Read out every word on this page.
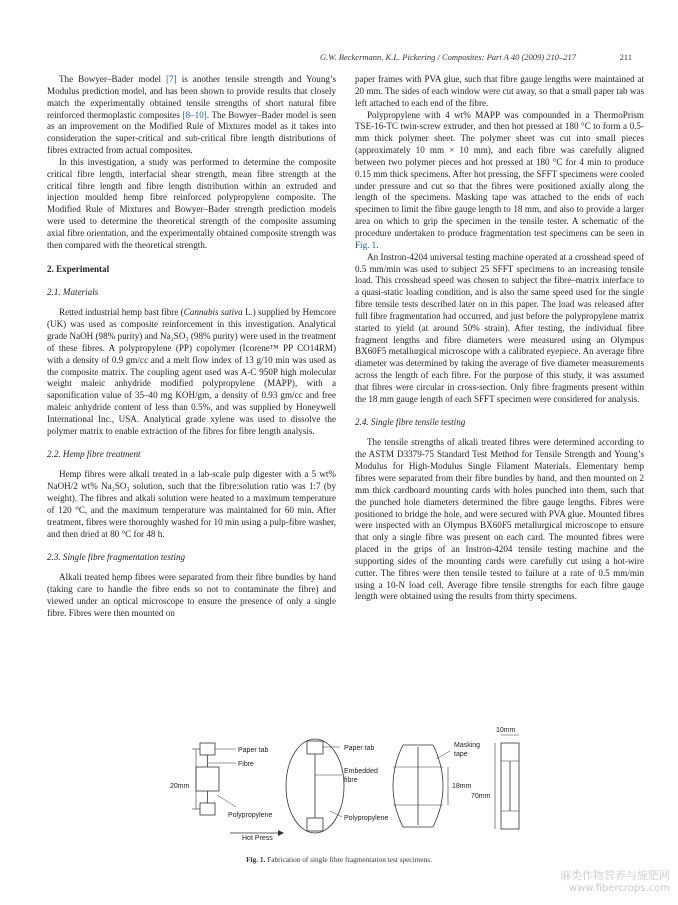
G.W. Beckermann, K.L. Pickering / Composites: Part A 40 (2009) 210–217	211

The Bowyer–Bader model [7] is another tensile strength and Young’s Modulus prediction model, and has been shown to provide results that closely match the experimentally obtained tensile strengths of short natural fibre reinforced thermoplastic composites [8–10]. The Bowyer–Bader model is seen as an improvement on the Modified Rule of Mixtures model as it takes into consideration the super-critical and sub-critical fibre length distributions of fibres extracted from actual composites.

In this investigation, a study was performed to determine the composite critical fibre length, interfacial shear strength, mean fibre strength at the critical fibre length and fibre length distribution within an extruded and injection moulded hemp fibre reinforced polypropylene composite. The Modified Rule of Mixtures and Bowyer–Bader strength prediction models were used to determine the theoretical strength of the composite assuming axial fibre orientation, and the experimentally obtained composite strength was then compared with the theoretical strength.

2. Experimental
2.1. Materials

Retted industrial hemp bast fibre (Cannabis sativa L.) supplied by Hemcore (UK) was used as composite reinforcement in this investigation. Analytical grade NaOH (98% purity) and Na₂SO₃ (98% purity) were used in the treatment of these fibres. A polypropylene (PP) copolymer (Icorene™ PP CO14RM) with a density of 0.9 gm/cc and a melt flow index of 13 g/10 min was used as the composite matrix. The coupling agent used was A-C 950P high molecular weight maleic anhydride modified polypropylene (MAPP), with a saponification value of 35–40 mg KOH/gm, a density of 0.93 gm/cc and free maleic anhydride content of less than 0.5%, and was supplied by Honeywell International Inc., USA. Analytical grade xylene was used to dissolve the polymer matrix to enable extraction of the fibres for fibre length analysis.

2.2. Hemp fibre treatment

Hemp fibres were alkali treated in a lab-scale pulp digester with a 5 wt% NaOH/2 wt% Na₂SO₃ solution, such that the fibre:solution ratio was 1:7 (by weight). The fibres and alkali solution were heated to a maximum temperature of 120 °C, and the maximum temperature was maintained for 60 min. After treatment, fibres were thoroughly washed for 10 min using a pulp-fibre washer, and then dried at 80 °C for 48 h.

2.3. Single fibre fragmentation testing

Alkali treated hemp fibres were separated from their fibre bundles by hand (taking care to handle the fibre ends so not to contaminate the fibre) and viewed under an optical microscope to ensure the presence of only a single fibre. Fibres were then mounted on

paper frames with PVA glue, such that fibre gauge lengths were maintained at 20 mm. The sides of each window were cut away, so that a small paper tab was left attached to each end of the fibre.

Polypropylene with 4 wt% MAPP was compounded in a ThermoPrism TSE-16-TC twin-screw extruder, and then hot pressed at 180 °C to form a 0.5-mm thick polymer sheet. The polymer sheet was cut into small pieces (approximately 10 mm × 10 mm), and each fibre was carefully aligned between two polymer pieces and hot pressed at 180 °C for 4 min to produce 0.15 mm thick specimens. After hot pressing, the SFFT specimens were cooled under pressure and cut so that the fibres were positioned axially along the length of the specimens. Masking tape was attached to the ends of each specimen to limit the fibre gauge length to 18 mm, and also to provide a larger area on which to grip the specimen in the tensile tester. A schematic of the procedure undertaken to produce fragmentation test specimens can be seen in Fig. 1.

An Instron-4204 universal testing machine operated at a crosshead speed of 0.5 mm/min was used to subject 25 SFFT specimens to an increasing tensile load. This crosshead speed was chosen to subject the fibre–matrix interface to a quasi-static loading condition, and is also the same speed used for the single fibre tensile tests described later on in this paper. The load was released after full fibre fragmentation had occurred, and just before the polypropylene matrix started to yield (at around 50% strain). After testing, the individual fibre fragment lengths and fibre diameters were measured using an Olympus BX60F5 metallurgical microscope with a calibrated eyepiece. An average fibre diameter was determined by taking the average of five diameter measurements across the length of each fibre. For the purpose of this study, it was assumed that fibres were circular in cross-section. Only fibre fragments present within the 18 mm gauge length of each SFFT specimen were considered for analysis.

2.4. Single fibre tensile testing

The tensile strengths of alkali treated fibres were determined according to the ASTM D3379-75 Standard Test Method for Tensile Strength and Young’s Modulus for High-Modulus Single Filament Materials. Elementary hemp fibres were separated from their fibre bundles by hand, and then mounted on 2 mm thick cardboard mounting cards with holes punched into them, such that the punched hole diameters determined the fibre gauge lengths. Fibres were positioned to bridge the hole, and were secured with PVA glue. Mounted fibres were inspected with an Olympus BX60F5 metallurgical microscope to ensure that only a single fibre was present on each card. The mounted fibres were placed in the grips of an Instron-4204 tensile testing machine and the supporting sides of the mounting cards were carefully cut using a hot-wire cutter. The fibres were then tensile tested to failure at a rate of 0.5 mm/min using a 10-N load cell. Average fibre tensile strengths for each fibre gauge length were obtained using the results from thirty specimens.

Paper tab
Fibre
20mm
Polypropylene
Hot Press
Paper tab
Embedded
fibre
Polypropylene
Masking
tape
18mm
10mm
70mm
Fig. 1. Fabrication of single fibre fragmentation test specimens.
麻类作物营养与施肥网
www.fibercrops.com
